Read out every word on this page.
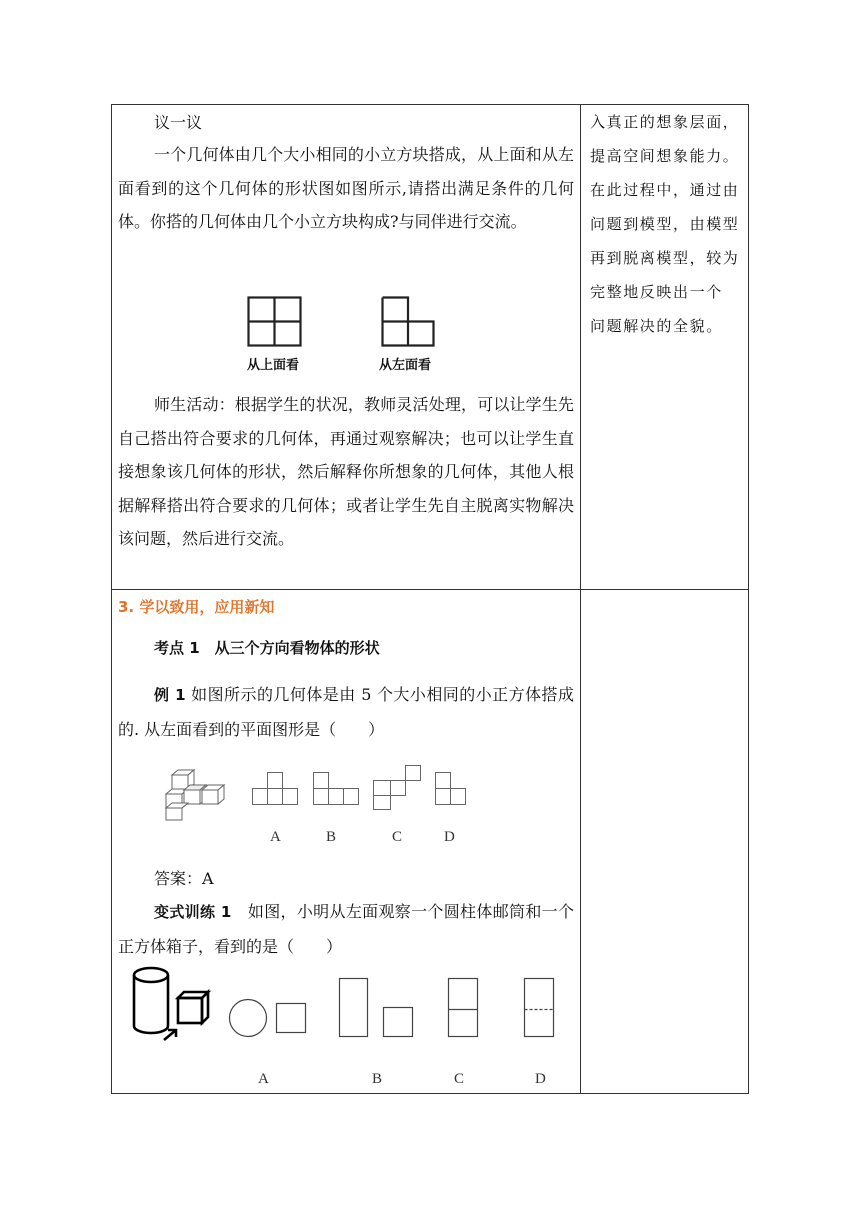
议一议
一个几何体由几个大小相同的小立方块搭成，从上面和从左面看到的这个几何体的形状图如图所示,请搭出满足条件的几何体。你搭的几何体由几个小立方块构成?与同伴进行交流。
从上面看	从左面看
师生活动：根据学生的状况，教师灵活处理，可以让学生先自己搭出符合要求的几何体，再通过观察解决；也可以让学生直接想象该几何体的形状，然后解释你所想象的几何体，其他人根据解释搭出符合要求的几何体；或者让学生先自主脱离实物解决该问题，然后进行交流。
入真正的想象层面，
提高空间想象能力。
在此过程中，通过由
问题到模型，由模型
再到脱离模型，较为
完整地反映出一个
问题解决的全貌。
3. 学以致用，应用新知
考点 1　从三个方向看物体的形状
例 1 如图所示的几何体是由 5 个大小相同的小正方体搭成的. 从左面看到的平面图形是（　　）
A	B	C	D
答案：A
变式训练 1　 如图，小明从左面观察一个圆柱体邮筒和一个正方体箱子，看到的是（　　）
A	B	C	D
